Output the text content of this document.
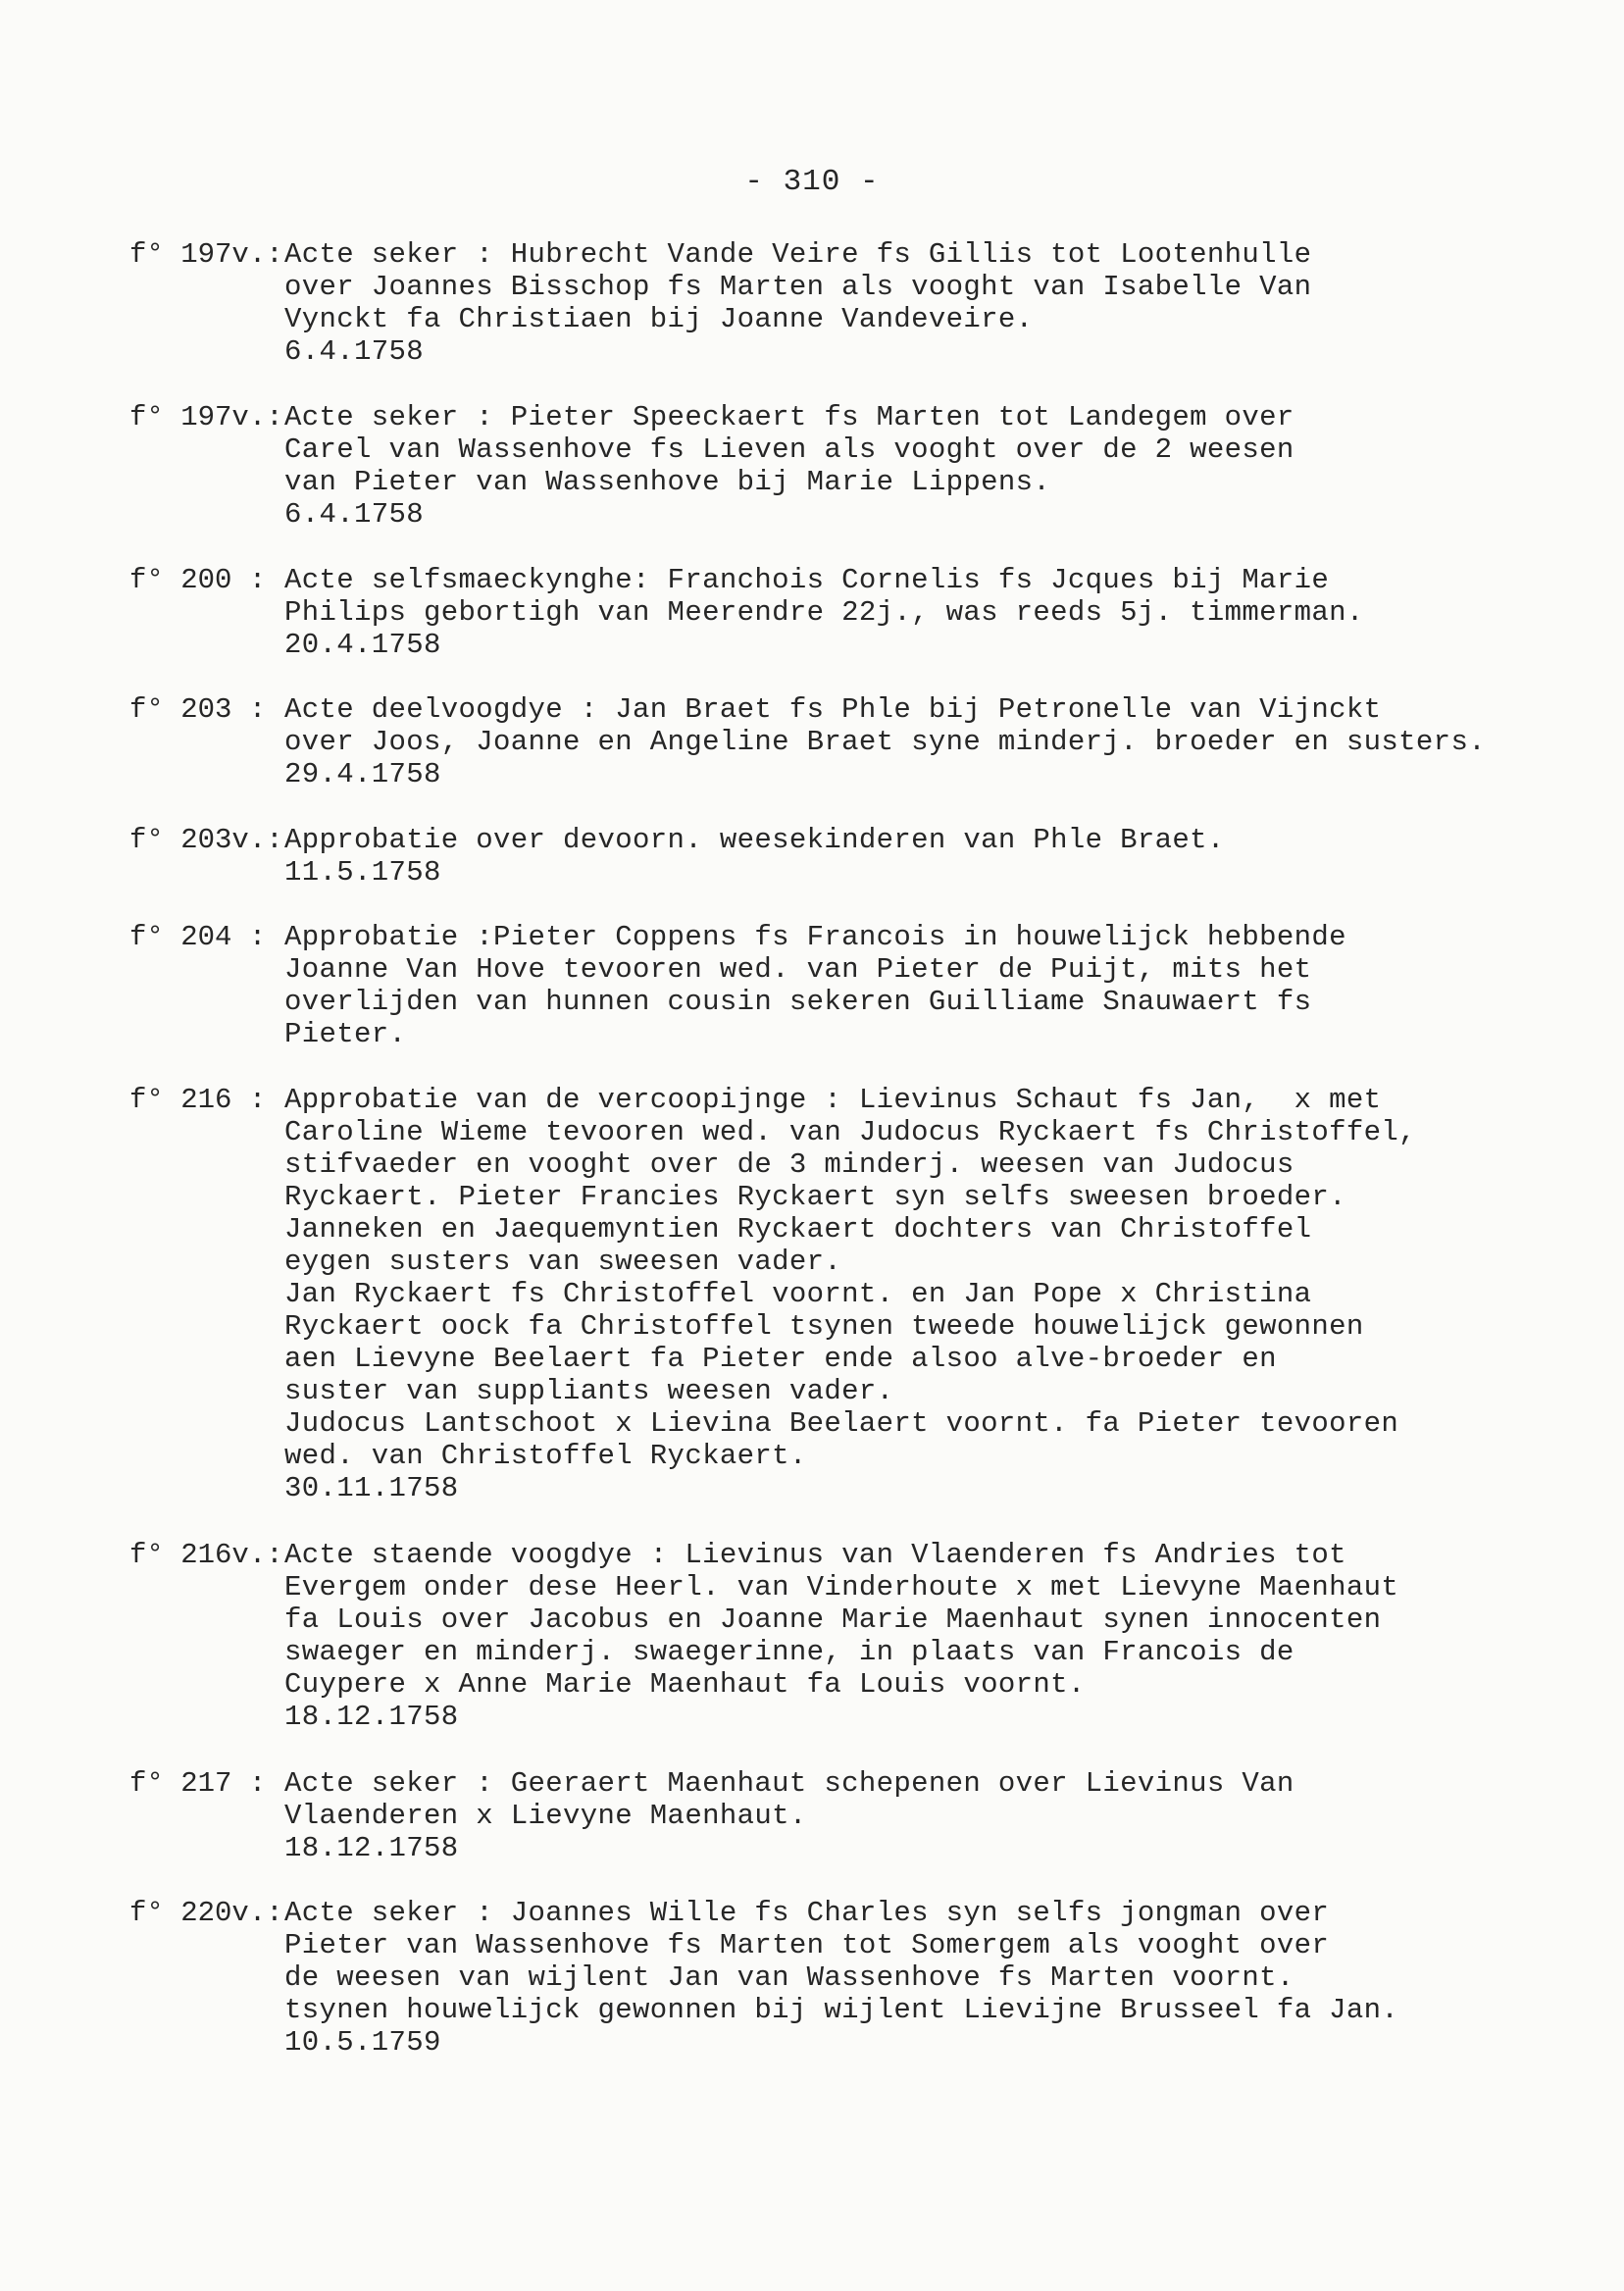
- 310 -
f° 197v.: Acte seker : Hubrecht Vande Veire fs Gillis tot Lootenhulle
over Joannes Bisschop fs Marten als vooght van Isabelle Van
Vynckt fa Christiaen bij Joanne Vandeveire.
6.4.1758
f° 197v.: Acte seker : Pieter Speeckaert fs Marten tot Landegem over
Carel van Wassenhove fs Lieven als vooght over de 2 weesen
van Pieter van Wassenhove bij Marie Lippens.
6.4.1758
f° 200 : Acte selfsmaeckynghe: Franchois Cornelis fs Jcques bij Marie
Philips gebortigh van Meerendre 22j., was reeds 5j. timmerman.
20.4.1758
f° 203 : Acte deelvoogdye : Jan Braet fs Phle bij Petronelle van Vijnckt
over Joos, Joanne en Angeline Braet syne minderj. broeder en susters.
29.4.1758
f° 203v.: Approbatie over devoorn. weesekinderen van Phle Braet.
11.5.1758
f° 204 : Approbatie :Pieter Coppens fs Francois in houwelijck hebbende
Joanne Van Hove tevooren wed. van Pieter de Puijt, mits het
overlijden van hunnen cousin sekeren Guilliame Snauwaert fs
Pieter.
f° 216 : Approbatie van de vercoopijnge : Lievinus Schaut fs Jan,  x met
Caroline Wieme tevooren wed. van Judocus Ryckaert fs Christoffel,
stifvaeder en vooght over de 3 minderj. weesen van Judocus
Ryckaert. Pieter Francies Ryckaert syn selfs sweesen broeder.
Janneken en Jaequemyntien Ryckaert dochters van Christoffel
eygen susters van sweesen vader.
Jan Ryckaert fs Christoffel voornt. en Jan Pope x Christina
Ryckaert oock fa Christoffel tsynen tweede houwelijck gewonnen
aen Lievyne Beelaert fa Pieter ende alsoo alve-broeder en
suster van suppliants weesen vader.
Judocus Lantschoot x Lievina Beelaert voornt. fa Pieter tevooren
wed. van Christoffel Ryckaert.
30.11.1758
f° 216v.: Acte staende voogdye : Lievinus van Vlaenderen fs Andries tot
Evergem onder dese Heerl. van Vinderhoute x met Lievyne Maenhaut
fa Louis over Jacobus en Joanne Marie Maenhaut synen innocenten
swaeger en minderj. swaegerinne, in plaats van Francois de
Cuypere x Anne Marie Maenhaut fa Louis voornt.
18.12.1758
f° 217 : Acte seker : Geeraert Maenhaut schepenen over Lievinus Van
Vlaenderen x Lievyne Maenhaut.
18.12.1758
f° 220v.: Acte seker : Joannes Wille fs Charles syn selfs jongman over
Pieter van Wassenhove fs Marten tot Somergem als vooght over
de weesen van wijlent Jan van Wassenhove fs Marten voornt.
tsynen houwelijck gewonnen bij wijlent Lievijne Brusseel fa Jan.
10.5.1759
